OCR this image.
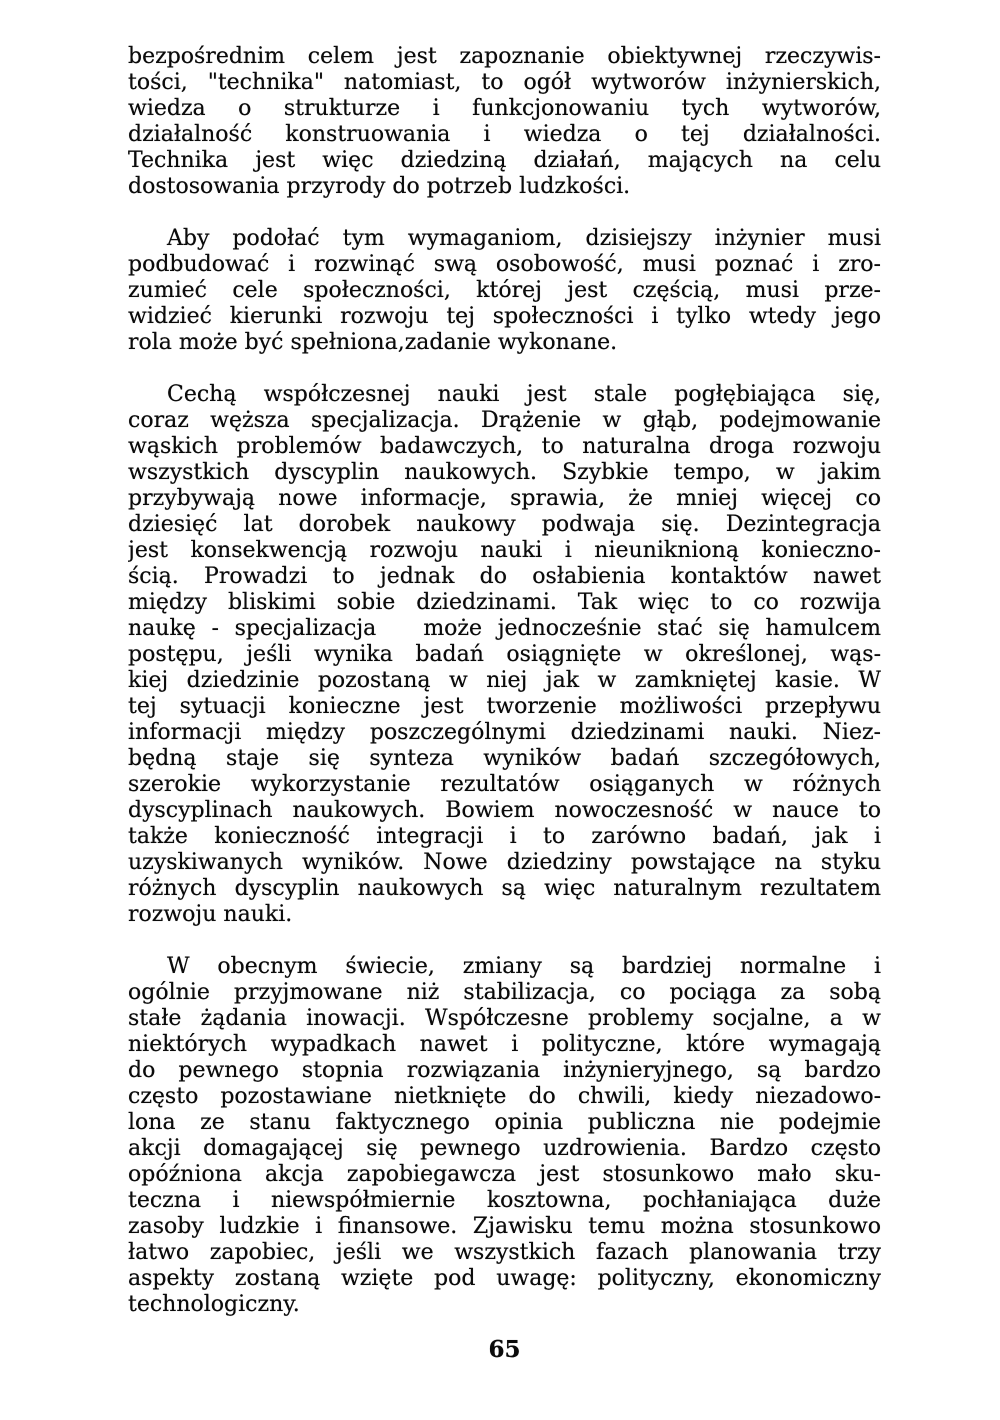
bezpośrednim celem jest zapoznanie obiektywnej rzeczywis-
tości, "technika" natomiast, to ogół wytworów inżynierskich,
wiedza o strukturze i funkcjonowaniu tych wytworów,
działalność konstruowania i wiedza o tej działalności.
Technika jest więc dziedziną działań, mających na celu
dostosowania przyrody do potrzeb ludzkości.
Aby podołać tym wymaganiom, dzisiejszy inżynier musi
podbudować i rozwinąć swą osobowość, musi poznać i zro-
zumieć cele społeczności, której jest częścią, musi prze-
widzieć kierunki rozwoju tej społeczności i tylko wtedy jego
rola może być spełniona,zadanie wykonane.
Cechą współczesnej nauki jest stale pogłębiająca się,
coraz węższa specjalizacja. Drążenie w głąb, podejmowanie
wąskich problemów badawczych, to naturalna droga rozwoju
wszystkich dyscyplin naukowych. Szybkie tempo, w jakim
przybywają nowe informacje, sprawia, że mniej więcej co
dziesięć lat dorobek naukowy podwaja się. Dezintegracja
jest konsekwencją rozwoju nauki i nieuniknioną konieczno-
ścią. Prowadzi to jednak do osłabienia kontaktów nawet
między bliskimi sobie dziedzinami. Tak więc to co rozwija
naukę - specjalizacja   może jednocześnie stać się hamulcem
postępu, jeśli wynika badań osiągnięte w określonej, wąs-
kiej dziedzinie pozostaną w niej jak w zamkniętej kasie. W
tej sytuacji konieczne jest tworzenie możliwości przepływu
informacji między poszczególnymi dziedzinami nauki. Niez-
będną staje się synteza wyników badań szczegółowych,
szerokie wykorzystanie rezultatów osiąganych w różnych
dyscyplinach naukowych. Bowiem nowoczesność w nauce to
także konieczność integracji i to zarówno badań, jak i
uzyskiwanych wyników. Nowe dziedziny powstające na styku
różnych dyscyplin naukowych są więc naturalnym rezultatem
rozwoju nauki.
W obecnym świecie, zmiany są bardziej normalne i
ogólnie przyjmowane niż stabilizacja, co pociąga za sobą
stałe żądania inowacji. Współczesne problemy socjalne, a w
niektórych wypadkach nawet i polityczne, które wymagają
do pewnego stopnia rozwiązania inżynieryjnego, są bardzo
często pozostawiane nietknięte do chwili, kiedy niezadowo-
lona ze stanu faktycznego opinia publiczna nie podejmie
akcji domagającej się pewnego uzdrowienia. Bardzo często
opóźniona akcja zapobiegawcza jest stosunkowo mało sku-
teczna i niewspółmiernie kosztowna, pochłaniająca duże
zasoby ludzkie i finansowe. Zjawisku temu można stosunkowo
łatwo zapobiec, jeśli we wszystkich fazach planowania trzy
aspekty zostaną wzięte pod uwagę: polityczny, ekonomiczny
technologiczny.
65
